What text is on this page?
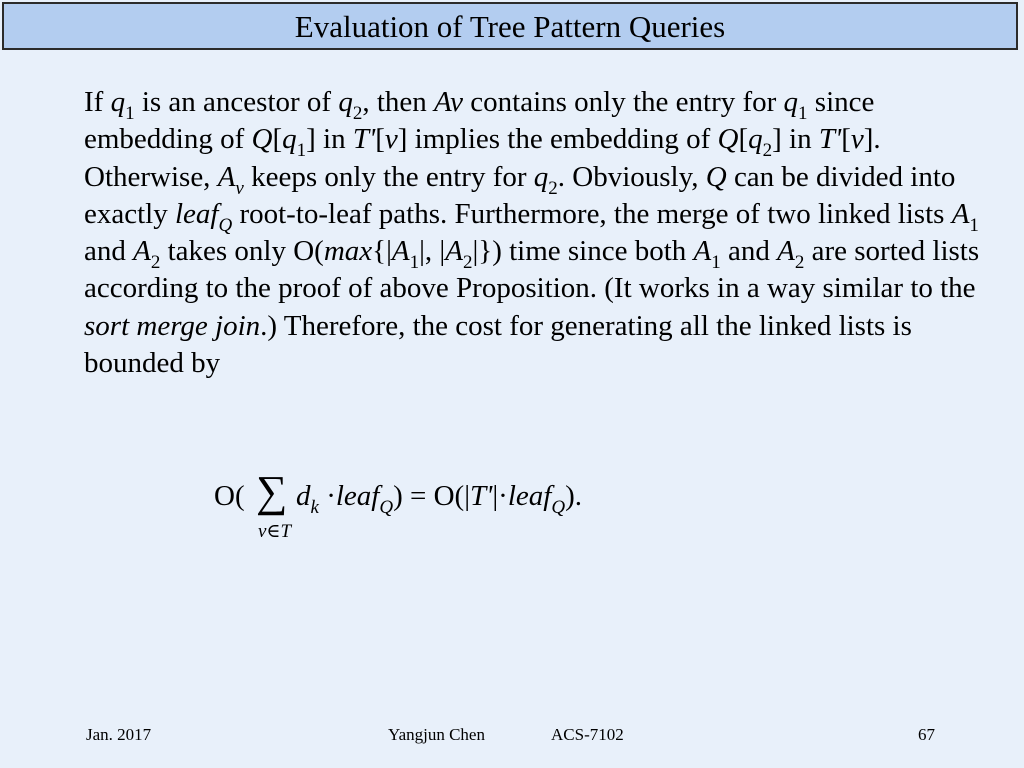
Evaluation of Tree Pattern Queries

If $q_1$ is an ancestor of $q_2$, then Av contains only the entry for $q_1$ since embedding of $Q[q_1]$ in T'[v] implies the embedding of $Q[q_2]$ in T'[v]. Otherwise, $A_v$ keeps only the entry for $q_2$. Obviously, Q can be divided into exactly leaf$_Q$ root-to-leaf paths. Furthermore, the merge of two linked lists $A_1$ and $A_2$ takes only $O(\max\{|A_1|$, $|A_2|$}) time since both $A_1$ and $A_2$ are sorted lists according to the proof of above Proposition. (It works in a way similar to the sort merge join.) Therefore, the cost for generating all the linked lists is bounded by

O( ∑
v∈T
$d_k$ ·leaf$_Q$) = O(|T'|·leaf$_Q$).
Jan. 2017	Yangjun Chen	ACS-7102	67
